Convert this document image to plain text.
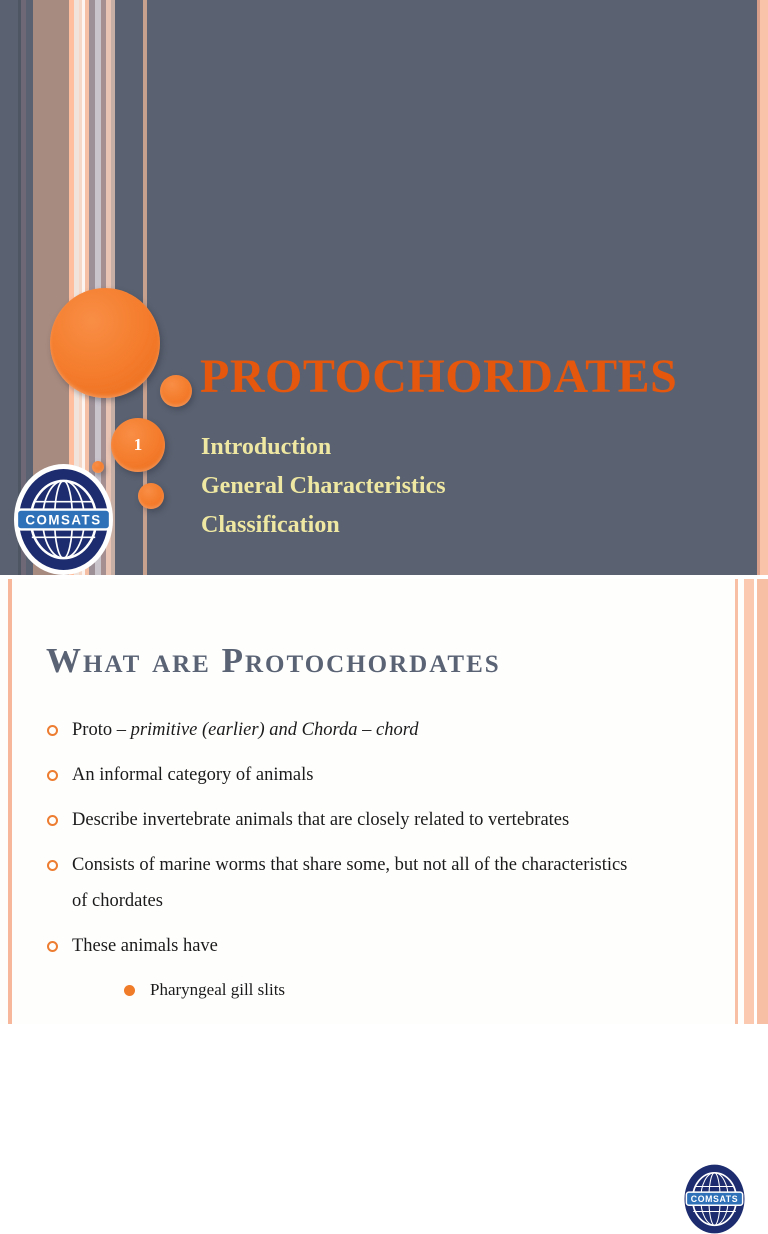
1
PROTOCHORDATES
Introduction
General Characteristics
Classification
COMSATS
COMSATS
What are Protochordates
Proto – primitive (earlier) and Chorda – chord
An informal category of animals
Describe invertebrate animals that are closely related to vertebrates
Consists of marine worms that share some, but not all of the characteristics of chordates
These animals have
Pharyngeal gill slits
